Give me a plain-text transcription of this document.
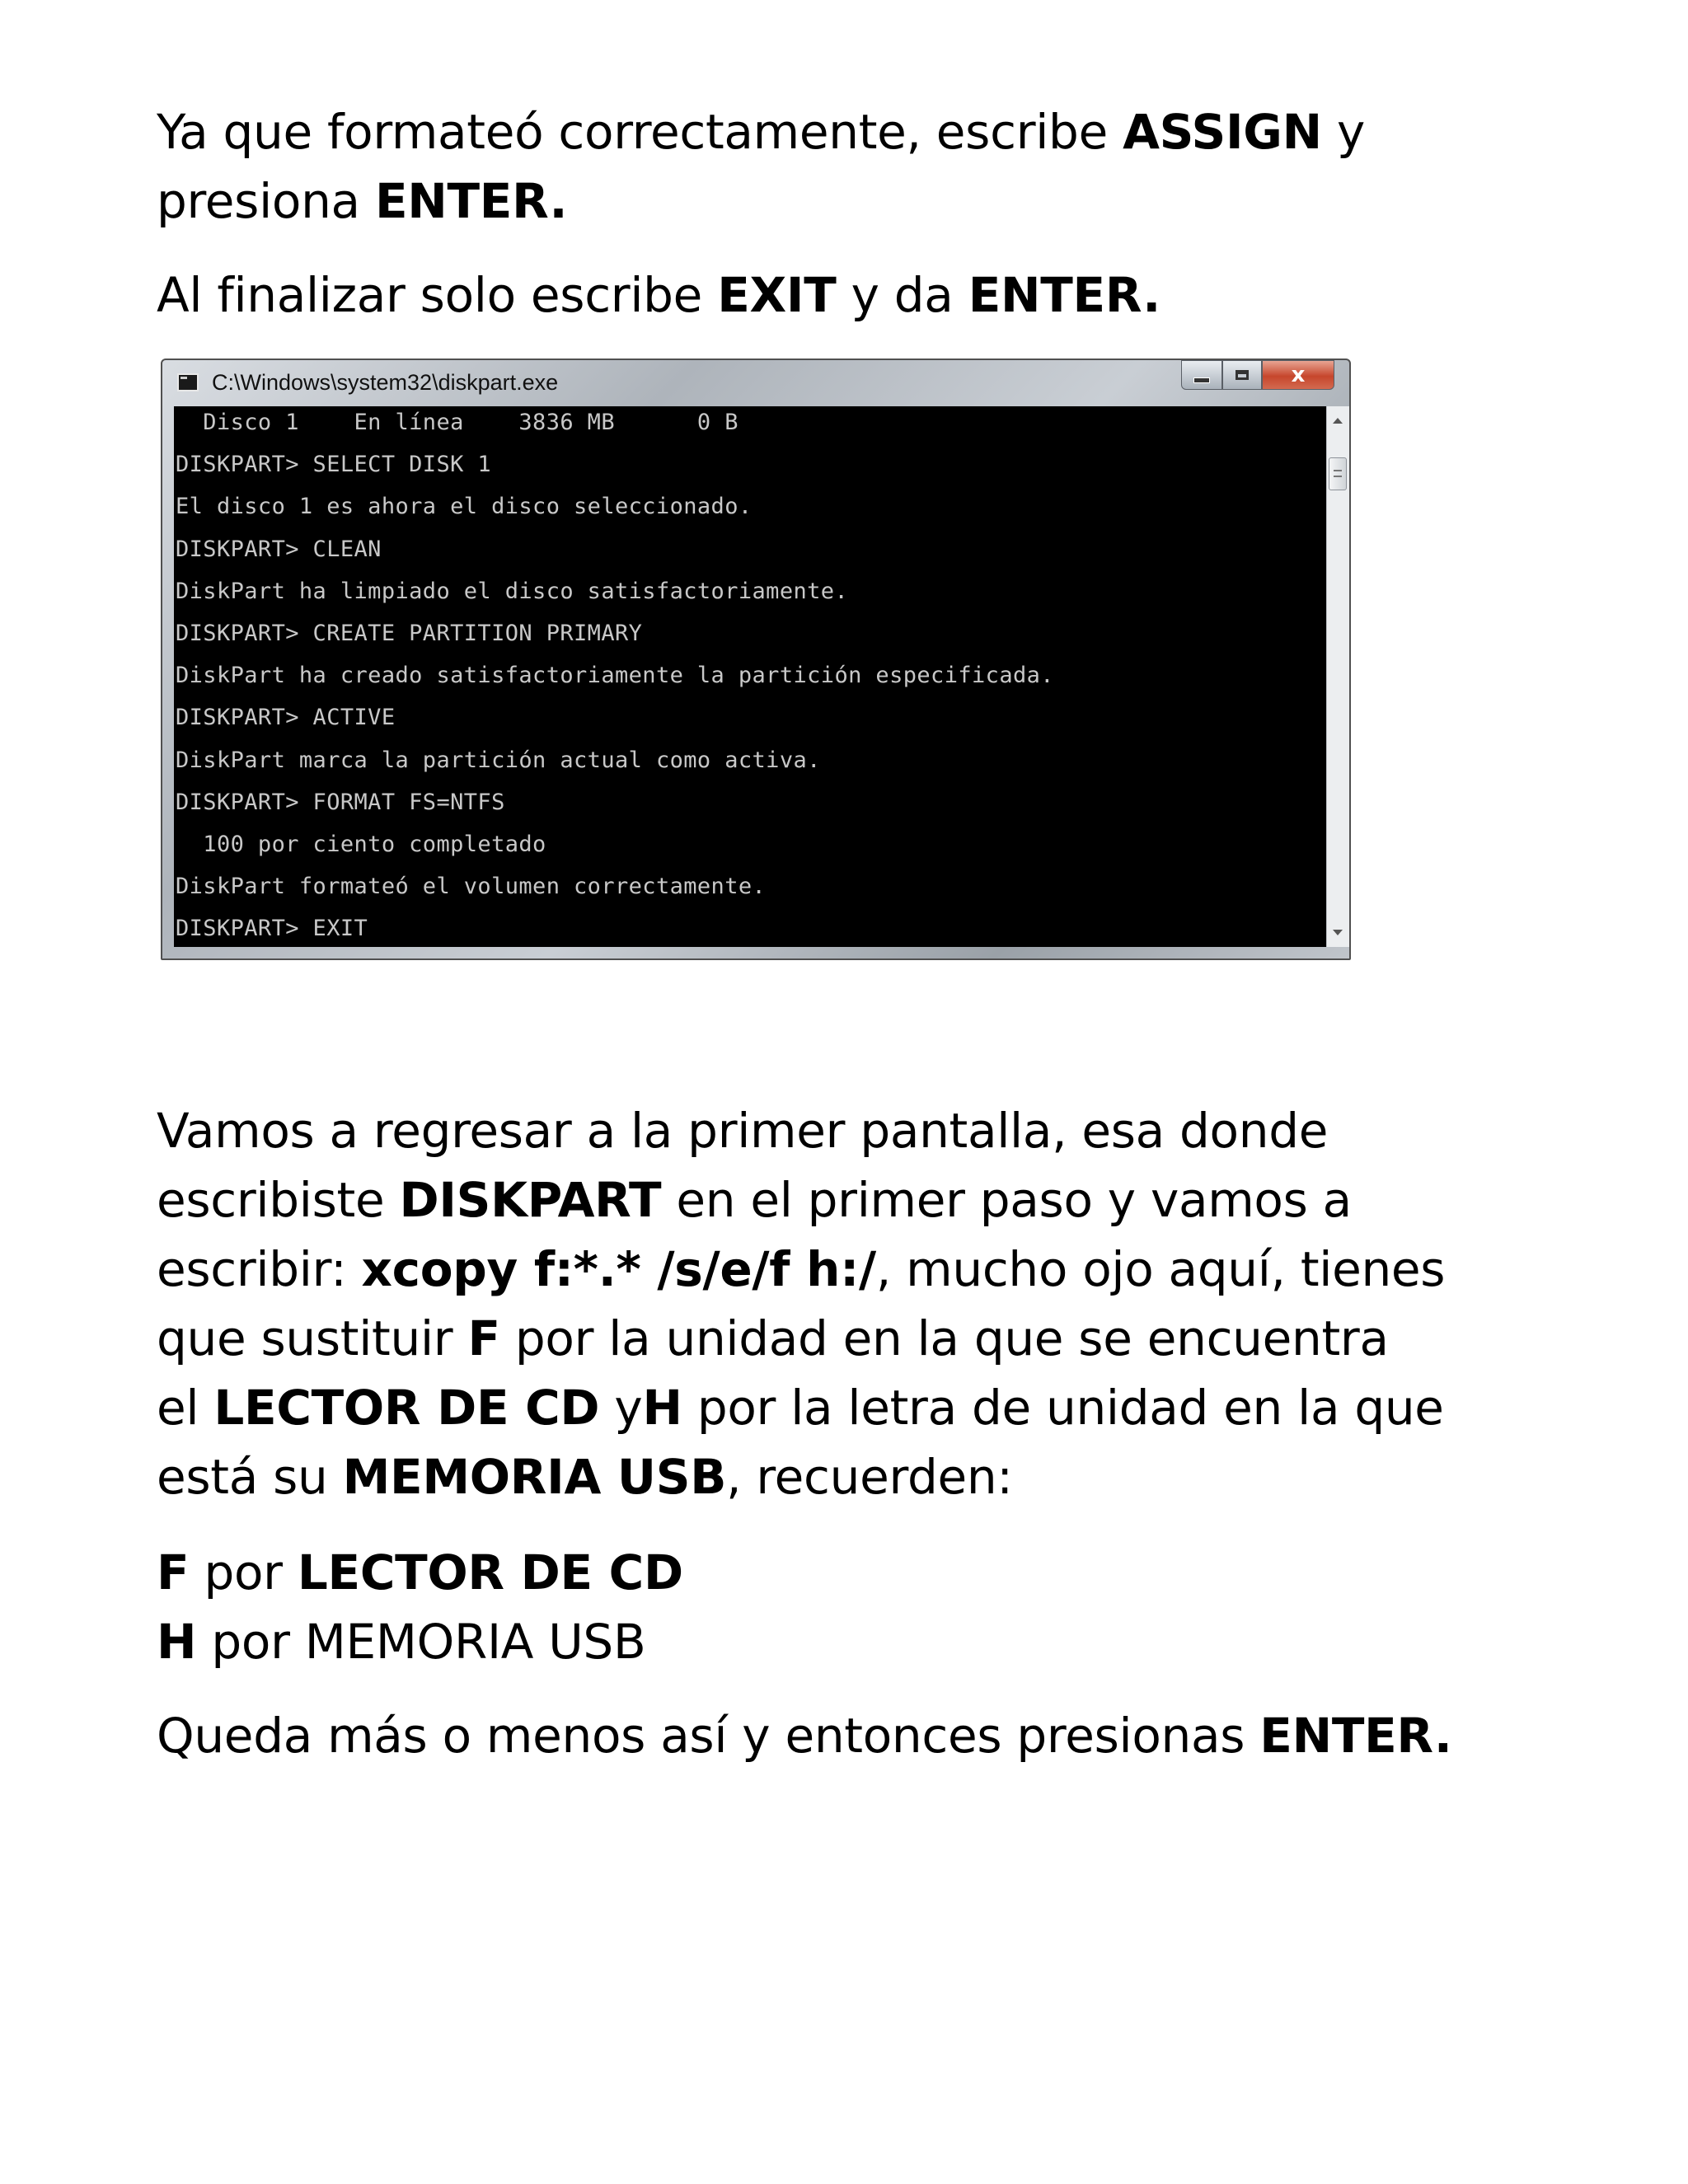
Ya que formateó correctamente, escribe ASSIGN y
presiona ENTER.

Al finalizar solo escribe EXIT y da ENTER.

Vamos a regresar a la primer pantalla, esa donde
escribiste DISKPART en el primer paso y vamos a
escribir: xcopy f:*.* /s/e/f h:/, mucho ojo aquí, tienes
que sustituir F por la unidad en la que se encuentra
el LECTOR DE CD yH por la letra de unidad en la que
está su MEMORIA USB, recuerden:

F por LECTOR DE CD
H por MEMORIA USB

Queda más o menos así y entonces presionas ENTER.

C:\Windows\system32\diskpart.exe	x
Disco 1    En línea    3836 MB      0 B
DISKPART> SELECT DISK 1
El disco 1 es ahora el disco seleccionado.
DISKPART> CLEAN
DiskPart ha limpiado el disco satisfactoriamente.
DISKPART> CREATE PARTITION PRIMARY
DiskPart ha creado satisfactoriamente la partición especificada.
DISKPART> ACTIVE
DiskPart marca la partición actual como activa.
DISKPART> FORMAT FS=NTFS
100 por ciento completado
DiskPart formateó el volumen correctamente.
DISKPART> EXIT
